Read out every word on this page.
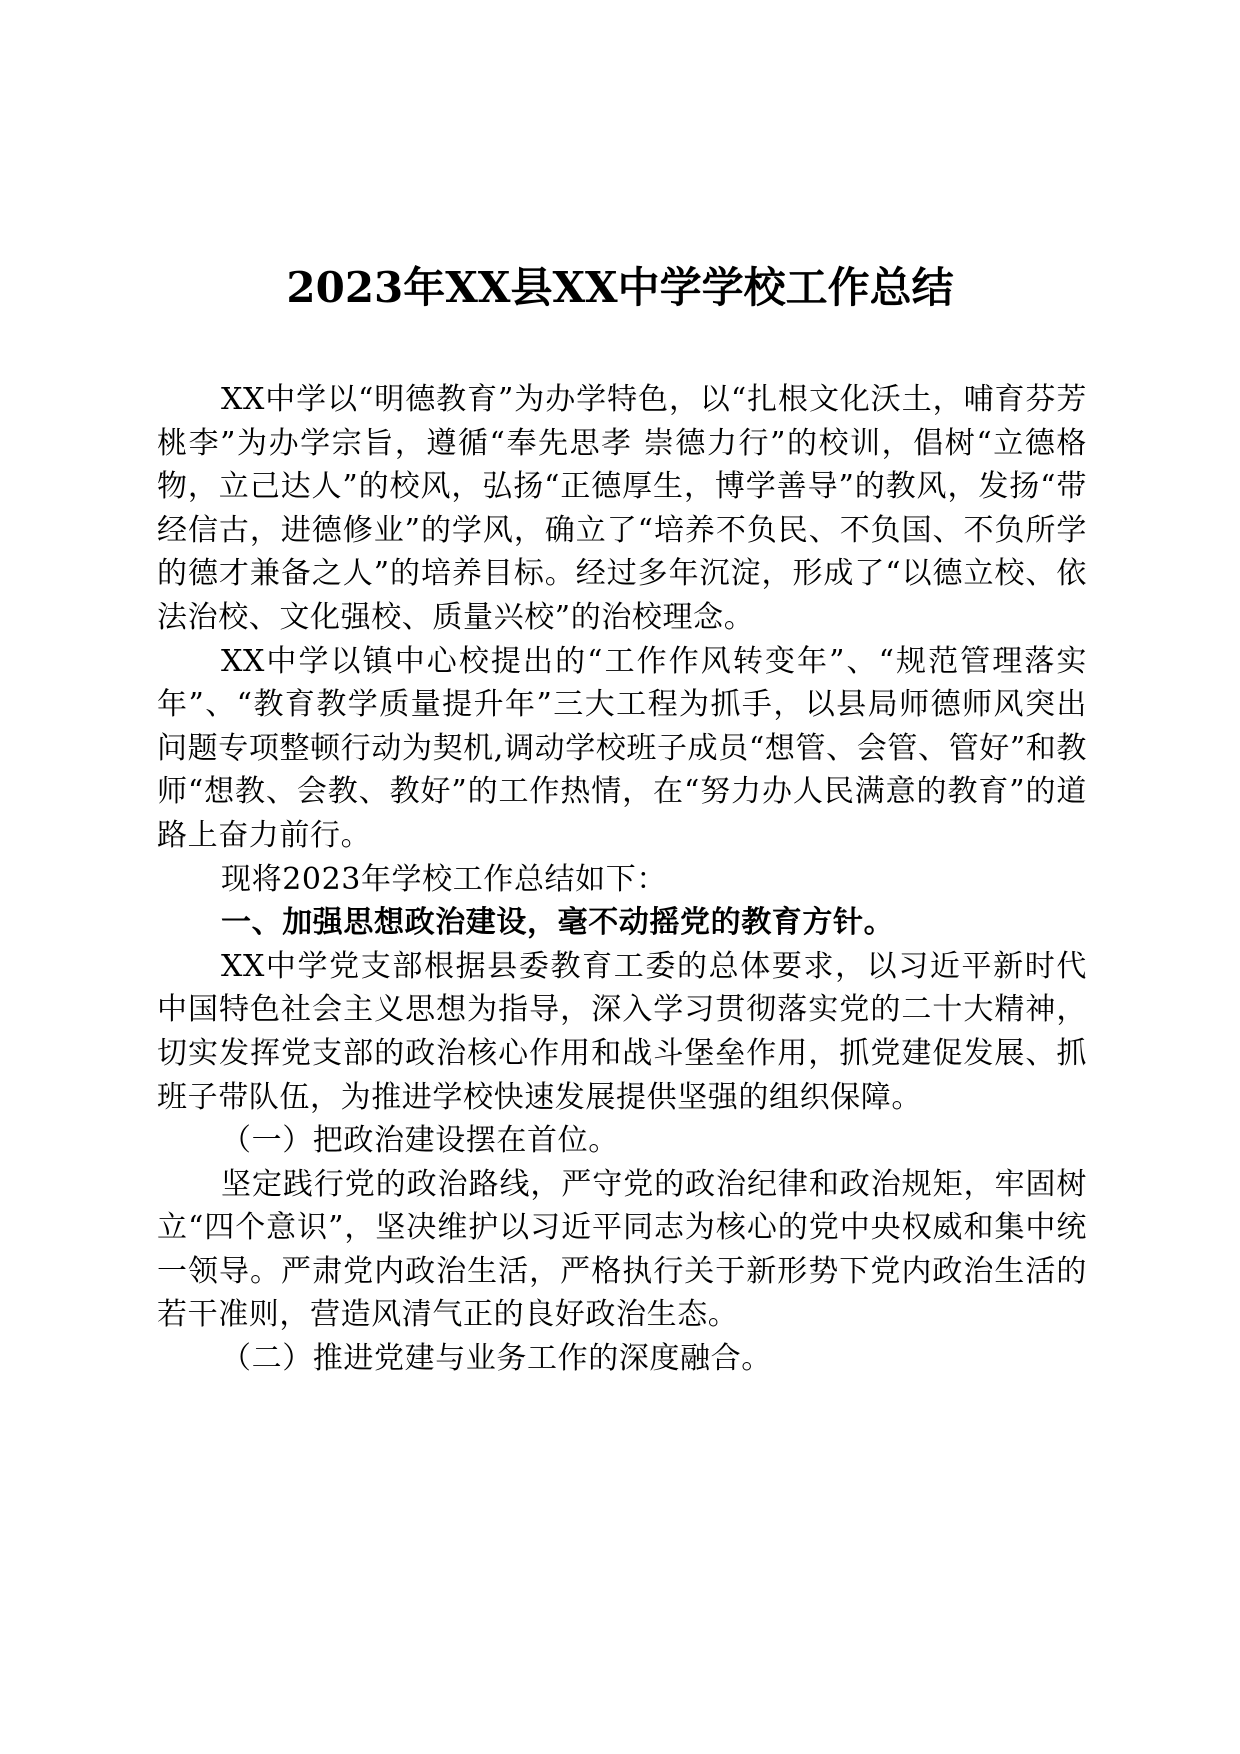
2023年XX县XX中学学校工作总结

XX中学以“明德教育”为办学特色，以“扎根文化沃土，哺育芬芳桃李”为办学宗旨，遵循“奉先思孝 崇德力行”的校训，倡树“立德格物，立己达人”的校风，弘扬“正德厚生，博学善导”的教风，发扬“带经信古，进德修业”的学风，确立了“培养不负民、不负国、不负所学的德才兼备之人”的培养目标。经过多年沉淀，形成了“以德立校、依法治校、文化强校、质量兴校”的治校理念。

XX中学以镇中心校提出的“工作作风转变年”、“规范管理落实年”、“教育教学质量提升年”三大工程为抓手，以县局师德师风突出问题专项整顿行动为契机,调动学校班子成员“想管、会管、管好”和教师“想教、会教、教好”的工作热情，在“努力办人民满意的教育”的道路上奋力前行。

现将2023年学校工作总结如下：

一、加强思想政治建设，毫不动摇党的教育方针。

XX中学党支部根据县委教育工委的总体要求，以习近平新时代中国特色社会主义思想为指导，深入学习贯彻落实党的二十大精神，切实发挥党支部的政治核心作用和战斗堡垒作用，抓党建促发展、抓班子带队伍，为推进学校快速发展提供坚强的组织保障。

（一）把政治建设摆在首位。

坚定践行党的政治路线，严守党的政治纪律和政治规矩，牢固树立“四个意识”，坚决维护以习近平同志为核心的党中央权威和集中统一领导。严肃党内政治生活，严格执行关于新形势下党内政治生活的若干准则，营造风清气正的良好政治生态。

（二）推进党建与业务工作的深度融合。
